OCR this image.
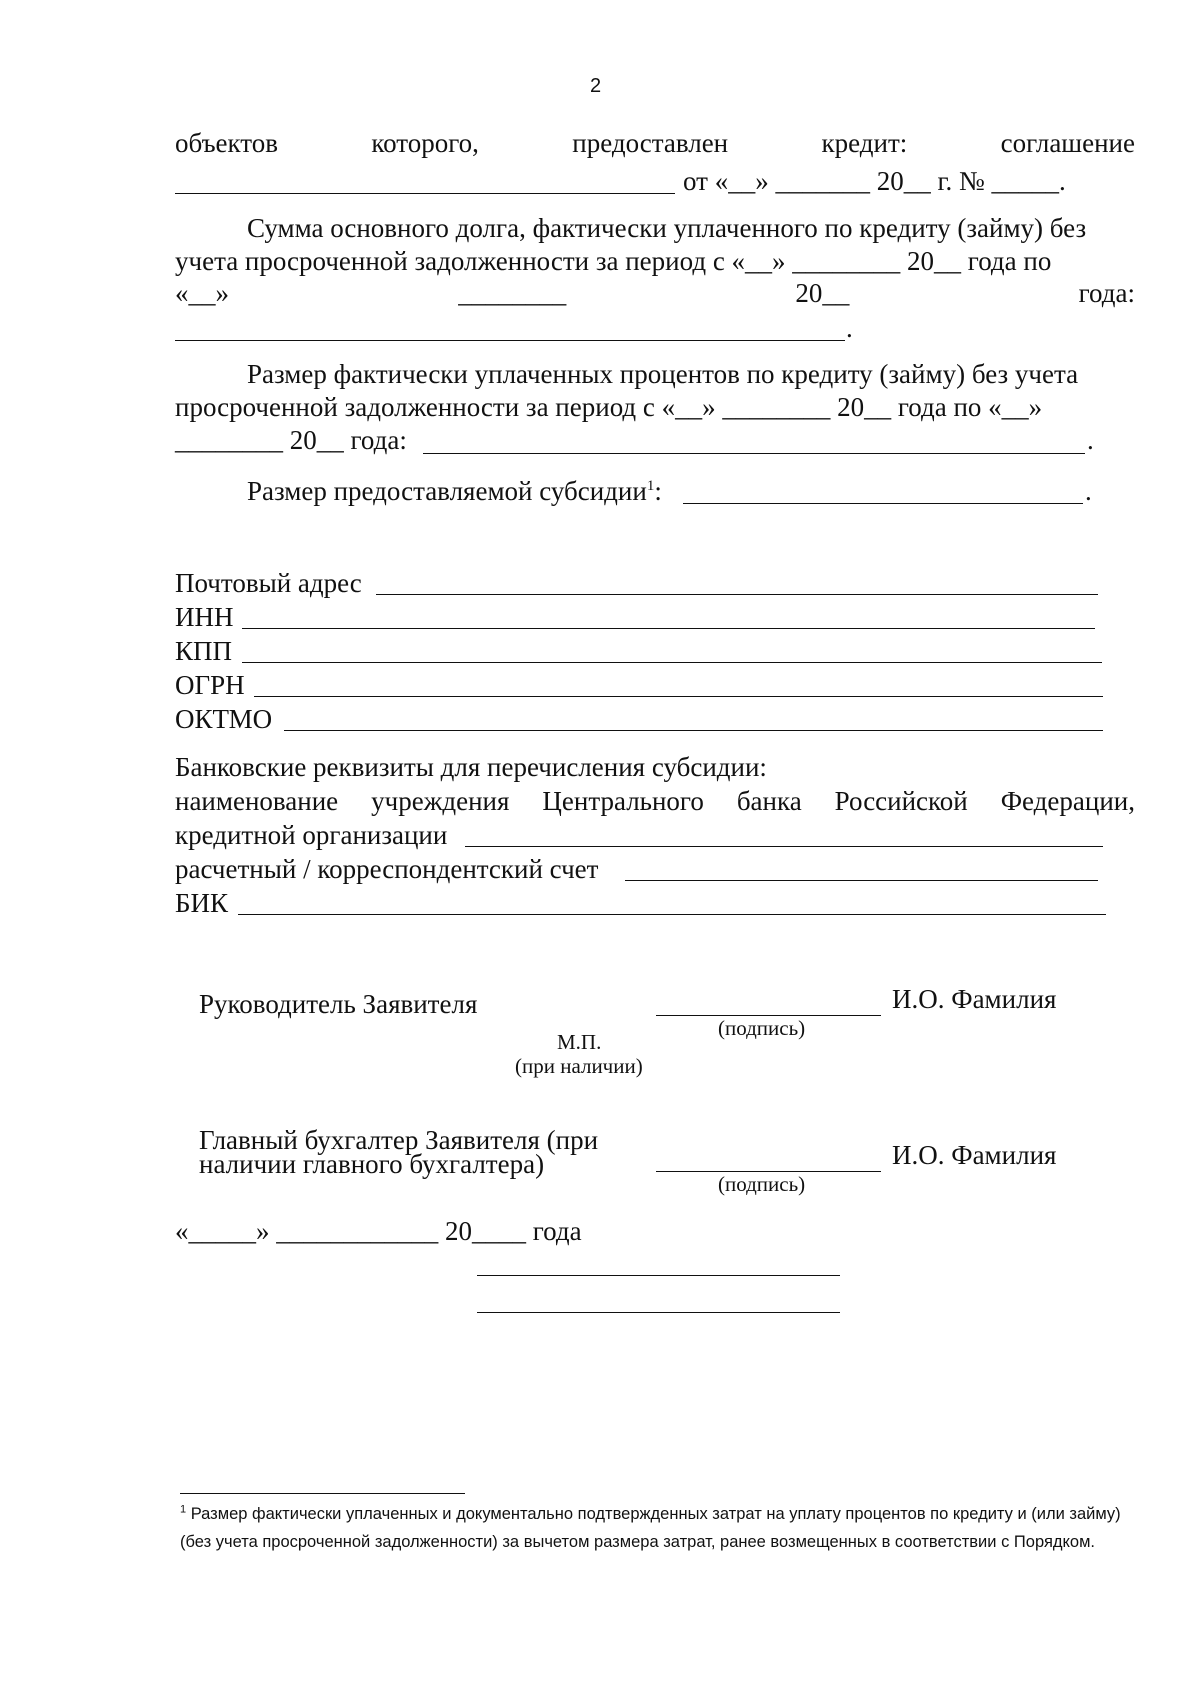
2
объектов	которого,	предоставлен	кредит:	соглашение
от «__» _______ 20__ г. № _____.
Сумма основного долга, фактически уплаченного по кредиту (займу) без
учета просроченной задолженности за период с «__» ________ 20__ года по
«__»	________	20__	года:
.
Размер фактически уплаченных процентов по кредиту (займу) без учета
просроченной задолженности за период с «__» ________ 20__ года по «__»
________ 20__ года:	.
Размер предоставляемой субсидии$^1$:	.
Почтовый адрес
ИНН
КПП
ОГРН
ОКТМО
Банковские реквизиты для перечисления субсидии:
наименование учреждения Центрального банка Российской Федерации,
кредитной организации
расчетный / корреспондентский счет
БИК
Руководитель Заявителя
(подпись)
И.О. Фамилия
М.П.
(при наличии)
Главный бухгалтер Заявителя (при
наличии главного бухгалтера)
(подпись)
И.О. Фамилия
«_____» ____________ 20____ года
$^1$ Размер фактически уплаченных и документально подтвержденных затрат на уплату процентов по кредиту и (или займу) (без учета просроченной задолженности) за вычетом размера затрат, ранее возмещенных в соответствии с Порядком.
